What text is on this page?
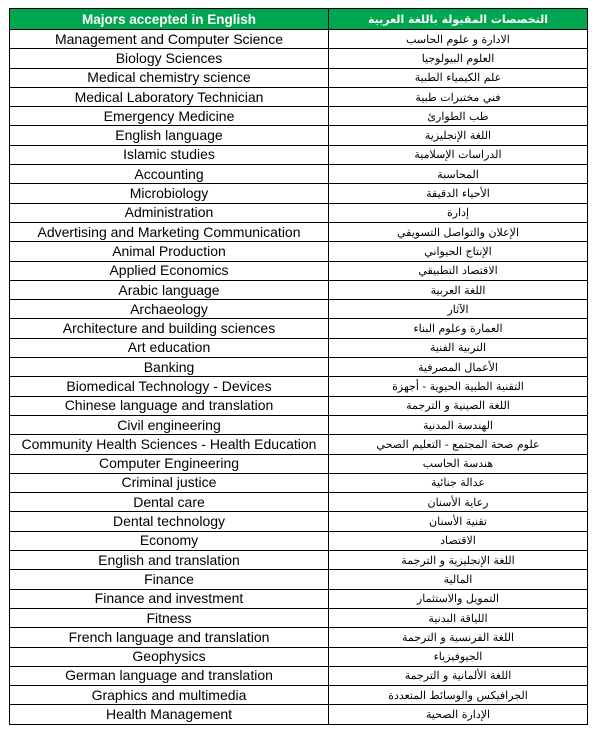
Majors accepted in English	التخصصات المقبولة باللغة العربية
Management and Computer Science	الادارة و علوم الحاسب
Biology Sciences	العلوم البيولوجيا
Medical chemistry science	علم الكيمياء الطبية
Medical Laboratory Technician	فني مختبرات طبية
Emergency Medicine	طب الطوارئ
English language	اللغة الإنجليزية
Islamic studies	الدراسات الإسلامية
Accounting	المحاسبة
Microbiology	الأحياء الدقيقة
Administration	إدارة
Advertising and Marketing Communication	الإعلان والتواصل التسويقي
Animal Production	الإنتاج الحيواني
Applied Economics	الاقتصاد التطبيقي
Arabic language	اللغة العربية
Archaeology	الآثار
Architecture and building sciences	العمارة وعلوم البناء
Art education	التربية الفنية
Banking	الأعمال المصرفية
Biomedical Technology - Devices	التقنية الطبية الحيوية - أجهزة
Chinese language and translation	اللغة الصينية و الترجمة
Civil engineering	الهندسة المدنية
Community Health Sciences - Health Education	علوم صحة المجتمع - التعليم الصحي
Computer Engineering	هندسة الحاسب
Criminal justice	عدالة جنائية
Dental care	رعاية الأسنان
Dental technology	تقنية الأسنان
Economy	الاقتصاد
English and translation	اللغة الإنجليزية و الترجمة
Finance	المالية
Finance and investment	التمويل والاستثمار
Fitness	اللياقة البدنية
French language and translation	اللغة الفرنسية و الترجمة
Geophysics	الجيوفيزياء
German language and translation	اللغة الألمانية و الترجمة
Graphics and multimedia	الجرافيكس والوسائط المتعددة
Health Management	الإدارة الصحية
